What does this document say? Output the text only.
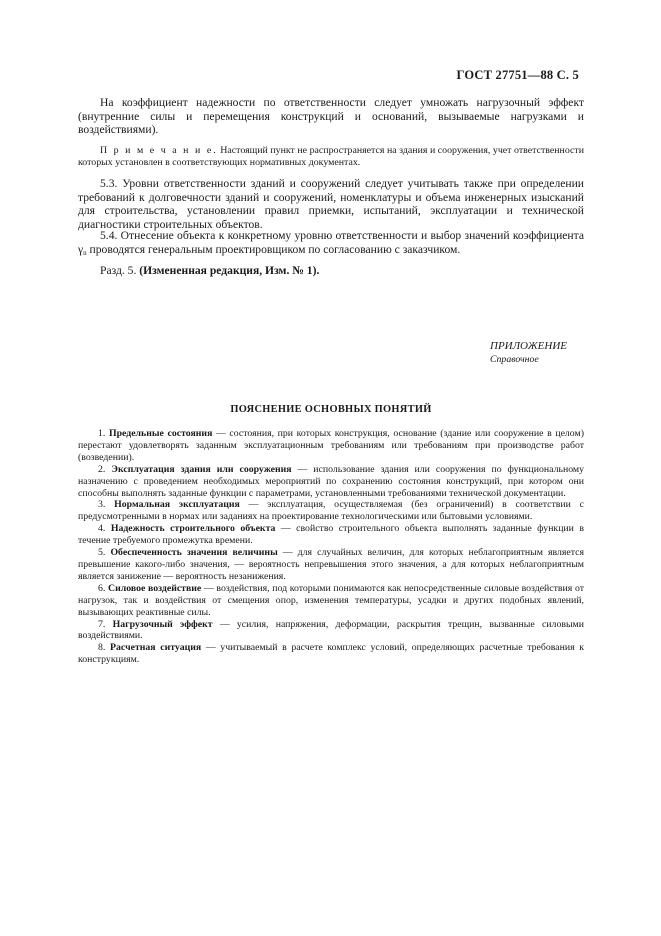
ГОСТ 27751—88 С. 5

На коэффициент надежности по ответственности следует умножать нагрузочный эффект (внутренние силы и перемещения конструкций и оснований, вызываемые нагрузками и воздействиями).

П р и м е ч а н и е. Настоящий пункт не распространяется на здания и сооружения, учет ответственности которых установлен в соответствующих нормативных документах.

5.3. Уровни ответственности зданий и сооружений следует учитывать также при определении требований к долговечности зданий и сооружений, номенклатуры и объема инженерных изысканий для строительства, установлении правил приемки, испытаний, эксплуатации и технической диагностики строительных объектов.

5.4. Отнесение объекта к конкретному уровню ответственности и выбор значений коэффициента $\gamma_n$ проводятся генеральным проектировщиком по согласованию с заказчиком.

Разд. 5. (Измененная редакция, Изм. № 1).

ПРИЛОЖЕНИЕ
Справочное
ПОЯСНЕНИЕ ОСНОВНЫХ ПОНЯТИЙ

1. Предельные состояния — состояния, при которых конструкция, основание (здание или сооружение в целом) перестают удовлетворять заданным эксплуатационным требованиям или требованиям при производстве работ (возведении).

2. Эксплуатация здания или сооружения — использование здания или сооружения по функциональному назначению с проведением необходимых мероприятий по сохранению состояния конструкций, при котором они способны выполнять заданные функции с параметрами, установленными требованиями технической документации.

3. Нормальная эксплуатация — эксплуатация, осуществляемая (без ограничений) в соответствии с предусмотренными в нормах или заданиях на проектирование технологическими или бытовыми условиями.

4. Надежность строительного объекта — свойство строительного объекта выполнять заданные функции в течение требуемого промежутка времени.

5. Обеспеченность значения величины — для случайных величин, для которых неблагоприятным является превышение какого-либо значения, — вероятность непревышения этого значения, а для которых неблагоприятным является занижение — вероятность незанижения.

6. Силовое воздействие — воздействия, под которыми понимаются как непосредственные силовые воздействия от нагрузок, так и воздействия от смещения опор, изменения температуры, усадки и других подобных явлений, вызывающих реактивные силы.

7. Нагрузочный эффект — усилия, напряжения, деформации, раскрытия трещин, вызванные силовыми воздействиями.

8. Расчетная ситуация — учитываемый в расчете комплекс условий, определяющих расчетные требования к конструкциям.
